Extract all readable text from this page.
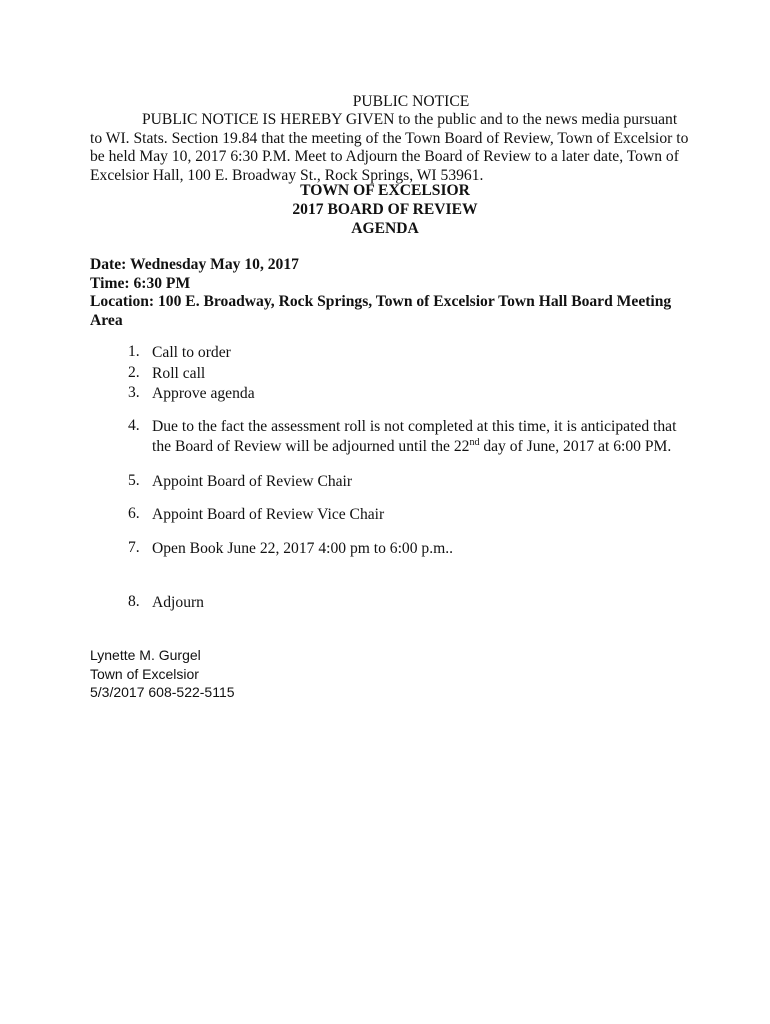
PUBLIC NOTICE
PUBLIC NOTICE IS HEREBY GIVEN to the public and to the news media pursuant to WI. Stats. Section 19.84 that the meeting of the Town Board of Review, Town of Excelsior to be held May 10, 2017 6:30 P.M. Meet to Adjourn the Board of Review to a later date, Town of Excelsior Hall, 100 E. Broadway St., Rock Springs, WI 53961.
TOWN OF EXCELSIOR
2017 BOARD OF REVIEW
AGENDA
Date: Wednesday May 10, 2017
Time: 6:30 PM
Location: 100 E. Broadway, Rock Springs, Town of Excelsior Town Hall Board Meeting Area
1. Call to order
2. Roll call
3. Approve agenda
4. Due to the fact the assessment roll is not completed at this time, it is anticipated that the Board of Review will be adjourned until the 22nd day of June, 2017 at 6:00 PM.
5. Appoint Board of Review Chair
6. Appoint Board of Review Vice Chair
7. Open Book June 22, 2017 4:00 pm to 6:00 p.m..
8. Adjourn
Lynette M. Gurgel
Town of Excelsior
5/3/2017 608-522-5115
